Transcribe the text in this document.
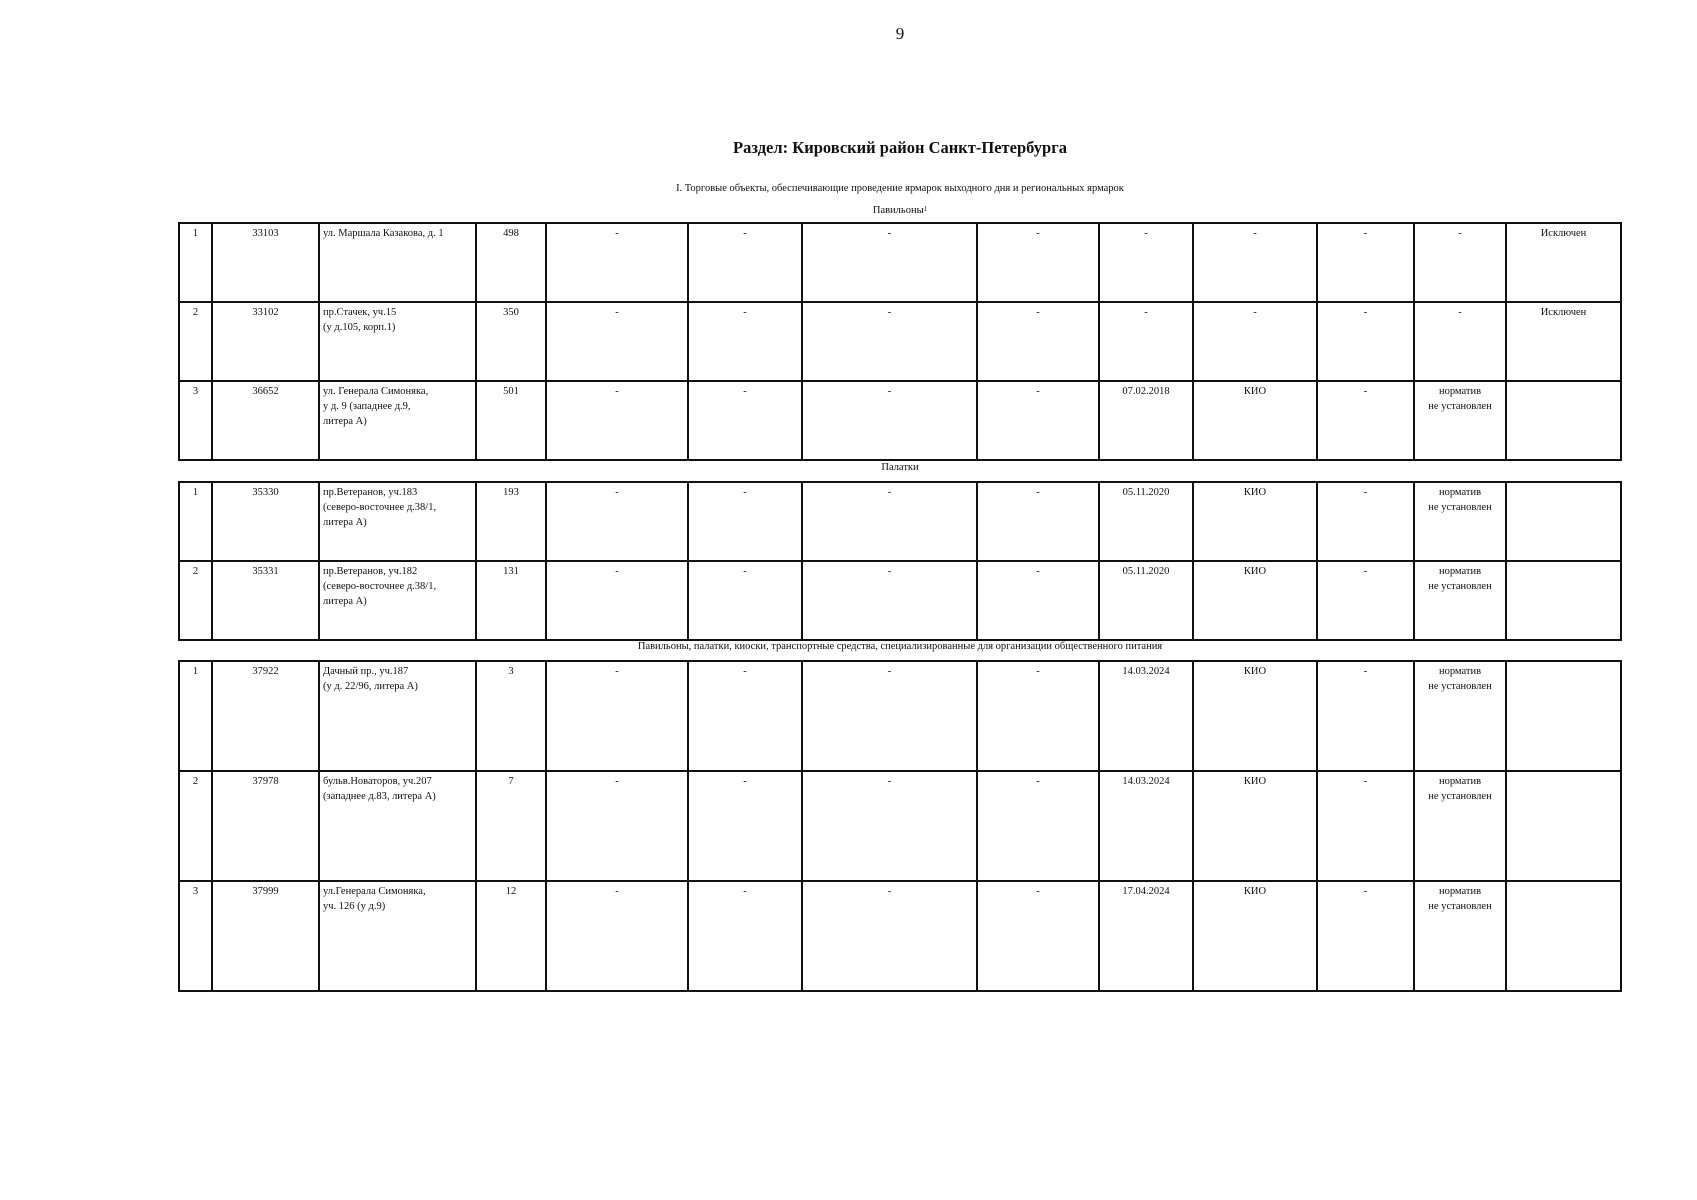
9
Раздел: Кировский район Санкт-Петербурга
I. Торговые объекты, обеспечивающие проведение ярмарок выходного дня и региональных ярмарок
Павильоны$^1$
1	33103	ул. Маршала Казакова, д. 1	498	-	-	-	-	-	-	-	-	Исключен
2	33102	пр.Стачек, уч.15
(у д.105, корп.1)	350	-	-	-	-	-	-	-	-	Исключен
3	36652	ул. Генерала Симоняка,
у д. 9 (западнее д.9,
литера А)	501	-	-	-	-	07.02.2018	КИО	-	норматив
не установлен	
Палатки
1	35330	пр.Ветеранов, уч.183
(северо-восточнее д.38/1,
литера А)	193	-	-	-	-	05.11.2020	КИО	-	норматив
не установлен	
2	35331	пр.Ветеранов, уч.182
(северо-восточнее д.38/1,
литера А)	131	-	-	-	-	05.11.2020	КИО	-	норматив
не установлен	
Павильоны, палатки, киоски, транспортные средства, специализированные для организации общественного питания
1	37922	Дачный пр., уч.187
(у д. 22/96, литера А)	3	-	-	-	-	14.03.2024	КИО	-	норматив
не установлен	
2	37978	бульв.Новаторов, уч.207
(западнее д.83, литера А)	7	-	-	-	-	14.03.2024	КИО	-	норматив
не установлен	
3	37999	ул.Генерала Симоняка,
уч. 126 (у д.9)	12	-	-	-	-	17.04.2024	КИО	-	норматив
не установлен	
